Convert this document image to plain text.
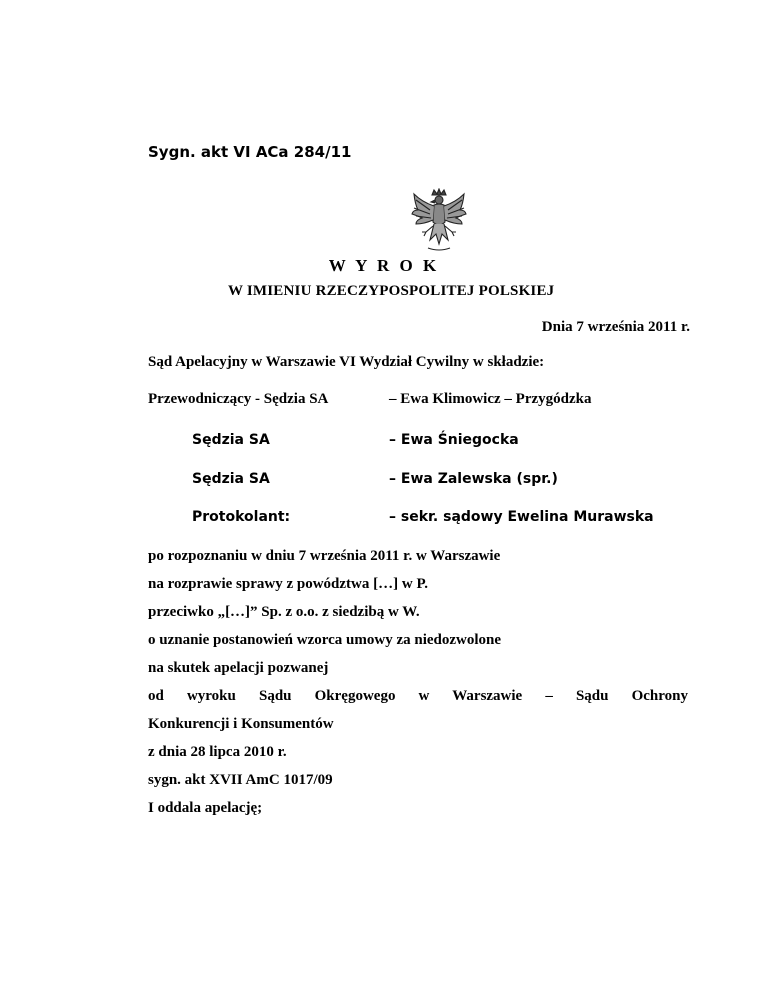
Sygn. akt VI ACa 284/11
W Y R O K
W IMIENIU RZECZYPOSPOLITEJ POLSKIEJ
Dnia 7 września 2011 r.
Sąd Apelacyjny w Warszawie VI Wydział Cywilny w składzie:
Przewodniczący - Sędzia SA	– Ewa Klimowicz – Przygódzka
Sędzia SA	– Ewa Śniegocka
Sędzia SA	– Ewa Zalewska (spr.)
Protokolant:	– sekr. sądowy Ewelina Murawska
po rozpoznaniu w dniu 7 września 2011 r. w Warszawie
na rozprawie sprawy z powództwa […] w P.
przeciwko „[…]” Sp. z o.o. z siedzibą w W.
o uznanie postanowień wzorca umowy za niedozwolone
na skutek apelacji pozwanej
od wyroku Sądu Okręgowego w Warszawie – Sądu Ochrony
Konkurencji i Konsumentów
z dnia 28 lipca 2010 r.
sygn. akt XVII AmC 1017/09
I oddala apelację;
